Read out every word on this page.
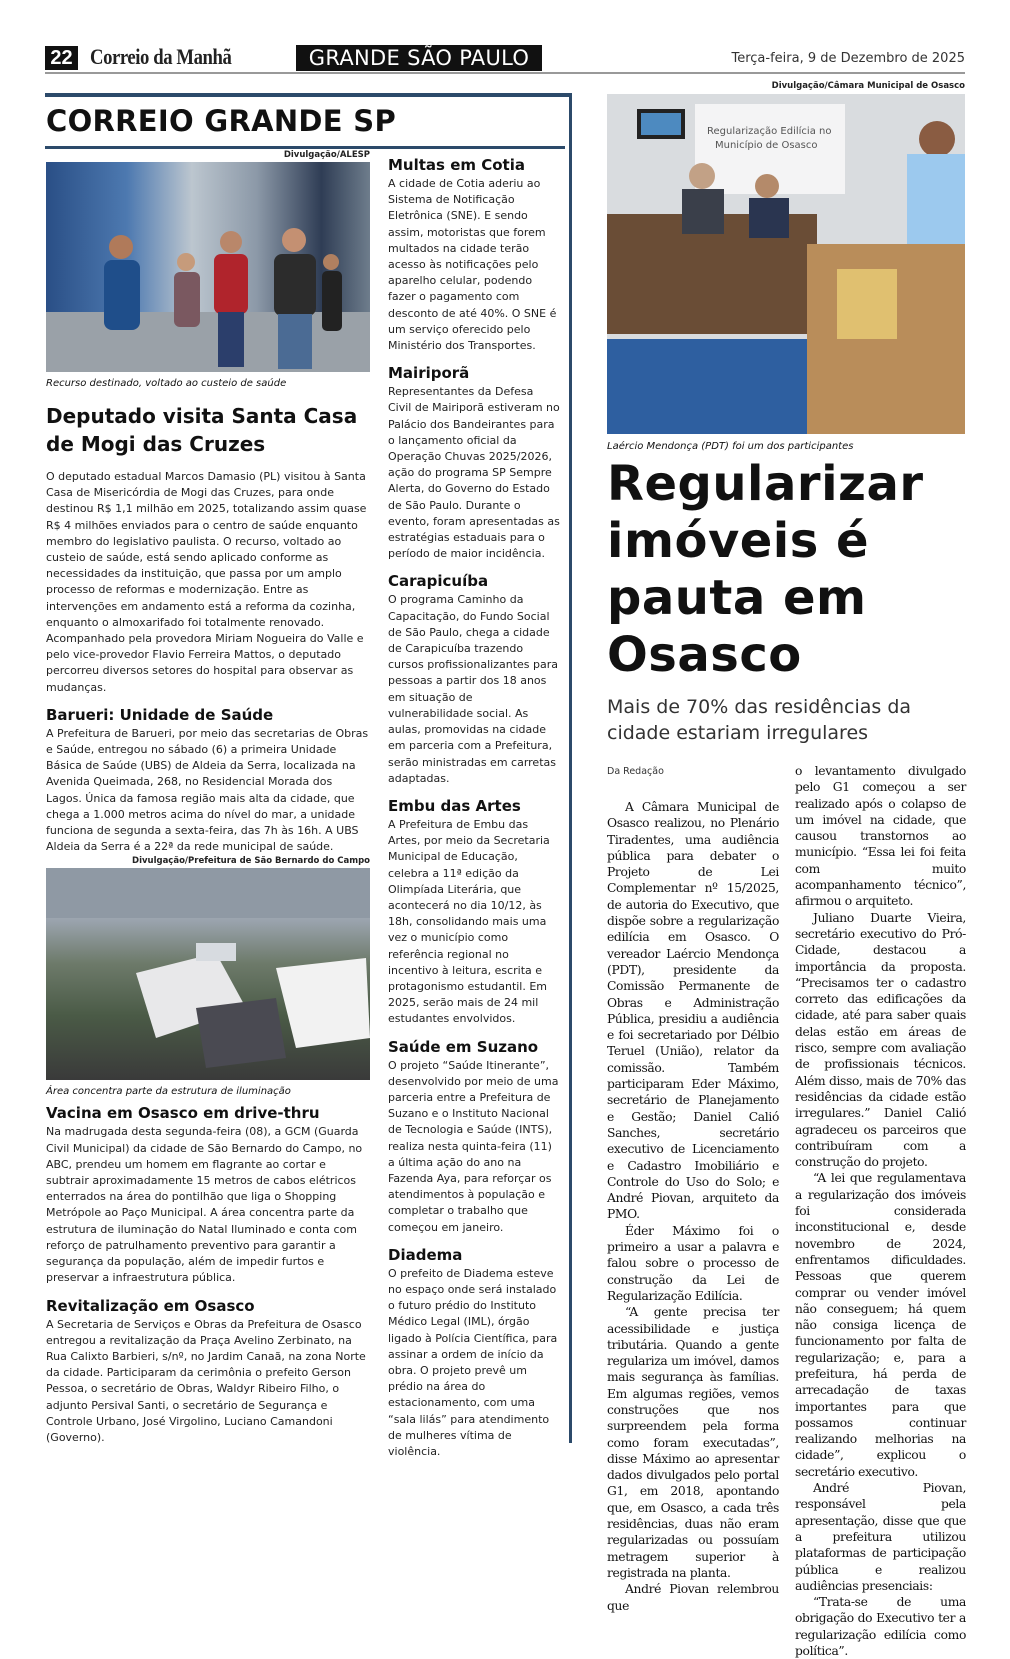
22 Correio da Manhã	GRANDE SÃO PAULO	Terça-feira, 9 de Dezembro de 2025
CORREIO GRANDE SP
Divulgação/ALESP
Recurso destinado, voltado ao custeio de saúde
Deputado visita Santa Casa de Mogi das Cruzes
O deputado estadual Marcos Damasio (PL) visitou à Santa Casa de Misericórdia de Mogi das Cruzes, para onde destinou R$ 1,1 milhão em 2025, totalizando assim quase R$ 4 milhões enviados para o centro de saúde enquanto membro do legislativo paulista. O recurso, voltado ao custeio de saúde, está sendo aplicado conforme as necessidades da instituição, que passa por um amplo processo de reformas e modernização. Entre as intervenções em andamento está a reforma da cozinha, enquanto o almoxarifado foi totalmente renovado. Acompanhado pela provedora Miriam Nogueira do Valle e pelo vice-provedor Flavio Ferreira Mattos, o deputado percorreu diversos setores do hospital para observar as mudanças.
Barueri: Unidade de Saúde
A Prefeitura de Barueri, por meio das secretarias de Obras e Saúde, entregou no sábado (6) a primeira Unidade Básica de Saúde (UBS) de Aldeia da Serra, localizada na Avenida Queimada, 268, no Residencial Morada dos Lagos. Única da famosa região mais alta da cidade, que chega a 1.000 metros acima do nível do mar, a unidade funciona de segunda a sexta-feira, das 7h às 16h. A UBS Aldeia da Serra é a 22ª da rede municipal de saúde.
Divulgação/Prefeitura de São Bernardo do Campo
Área concentra parte da estrutura de iluminação
Vacina em Osasco em drive-thru
Na madrugada desta segunda-feira (08), a GCM (Guarda Civil Municipal) da cidade de São Bernardo do Campo, no ABC, prendeu um homem em flagrante ao cortar e subtrair aproximadamente 15 metros de cabos elétricos enterrados na área do pontilhão que liga o Shopping Metrópole ao Paço Municipal. A área concentra parte da estrutura de iluminação do Natal Iluminado e conta com reforço de patrulhamento preventivo para garantir a segurança da população, além de impedir furtos e preservar a infraestrutura pública.
Revitalização em Osasco
A Secretaria de Serviços e Obras da Prefeitura de Osasco entregou a revitalização da Praça Avelino Zerbinato, na Rua Calixto Barbieri, s/nº, no Jardim Canaã, na zona Norte da cidade. Participaram da cerimônia o prefeito Gerson Pessoa, o secretário de Obras, Waldyr Ribeiro Filho, o adjunto Persival Santi, o secretário de Segurança e Controle Urbano, José Virgolino, Luciano Camandoni (Governo).
Multas em Cotia
A cidade de Cotia aderiu ao Sistema de Notificação Eletrônica (SNE). E sendo assim, motoristas que forem multados na cidade terão acesso às notificações pelo aparelho celular, podendo fazer o pagamento com desconto de até 40%. O SNE é um serviço oferecido pelo Ministério dos Transportes.
Mairiporã
Representantes da Defesa Civil de Mairiporã estiveram no Palácio dos Bandeirantes para o lançamento oficial da Operação Chuvas 2025/2026, ação do programa SP Sempre Alerta, do Governo do Estado de São Paulo. Durante o evento, foram apresentadas as estratégias estaduais para o período de maior incidência.
Carapicuíba
O programa Caminho da Capacitação, do Fundo Social de São Paulo, chega a cidade de Carapicuíba trazendo cursos profissionalizantes para pessoas a partir dos 18 anos em situação de vulnerabilidade social. As aulas, promovidas na cidade em parceria com a Prefeitura, serão ministradas em carretas adaptadas.
Embu das Artes
A Prefeitura de Embu das Artes, por meio da Secretaria Municipal de Educação, celebra a 11ª edição da Olimpíada Literária, que acontecerá no dia 10/12, às 18h, consolidando mais uma vez o município como referência regional no incentivo à leitura, escrita e protagonismo estudantil. Em 2025, serão mais de 24 mil estudantes envolvidos.
Saúde em Suzano
O projeto “Saúde Itinerante”, desenvolvido por meio de uma parceria entre a Prefeitura de Suzano e o Instituto Nacional de Tecnologia e Saúde (INTS), realiza nesta quinta-feira (11) a última ação do ano na Fazenda Aya, para reforçar os atendimentos à população e completar o trabalho que começou em janeiro.
Diadema
O prefeito de Diadema esteve no espaço onde será instalado o futuro prédio do Instituto Médico Legal (IML), órgão ligado à Polícia Científica, para assinar a ordem de início da obra. O projeto prevê um prédio na área do estacionamento, com uma “sala lilás” para atendimento de mulheres vítima de violência.
Divulgação/Câmara Municipal de Osasco
Regularização Edilícia no
Município de Osasco
Laércio Mendonça (PDT) foi um dos participantes
Regularizar imóveis é pauta em Osasco
Mais de 70% das residências da cidade estariam irregulares
Da Redação

A Câmara Municipal de Osasco realizou, no Plenário Tiradentes, uma audiência pública para debater o Projeto de Lei Complementar nº 15/2025, de autoria do Executivo, que dispõe sobre a regularização edilícia em Osasco. O vereador Laércio Mendonça (PDT), presidente da Comissão Permanente de Obras e Administração Pública, presidiu a audiência e foi secretariado por Délbio Teruel (União), relator da comissão. Também participaram Eder Máximo, secretário de Planejamento e Gestão; Daniel Calió Sanches, secretário executivo de Licenciamento e Cadastro Imobiliário e Controle do Uso do Solo; e André Piovan, arquiteto da PMO.

Éder Máximo foi o primeiro a usar a palavra e falou sobre o processo de construção da Lei de Regularização Edilícia.

“A gente precisa ter acessibilidade e justiça tributária. Quando a gente regulariza um imóvel, damos mais segurança às famílias. Em algumas regiões, vemos construções que nos surpreendem pela forma como foram executadas”, disse Máximo ao apresentar dados divulgados pelo portal G1, em 2018, apontando que, em Osasco, a cada três residências, duas não eram regularizadas ou possuíam metragem superior à registrada na planta.

André Piovan relembrou que

o levantamento divulgado pelo G1 começou a ser realizado após o colapso de um imóvel na cidade, que causou transtornos ao município. “Essa lei foi feita com muito acompanhamento técnico”, afirmou o arquiteto.

Juliano Duarte Vieira, secretário executivo do Pró-Cidade, destacou a importância da proposta. “Precisamos ter o cadastro correto das edificações da cidade, até para saber quais delas estão em áreas de risco, sempre com avaliação de profissionais técnicos. Além disso, mais de 70% das residências da cidade estão irregulares.” Daniel Calió agradeceu os parceiros que contribuíram com a construção do projeto.

“A lei que regulamentava a regularização dos imóveis foi considerada inconstitucional e, desde novembro de 2024, enfrentamos dificuldades. Pessoas que querem comprar ou vender imóvel não conseguem; há quem não consiga licença de funcionamento por falta de regularização; e, para a prefeitura, há perda de arrecadação de taxas importantes para que possamos continuar realizando melhorias na cidade”, explicou o secretário executivo.

André Piovan, responsável pela apresentação, disse que que a prefeitura utilizou plataformas de participação pública e realizou audiências presenciais:

“Trata-se de uma obrigação do Executivo ter a regularização edilícia como política”.
